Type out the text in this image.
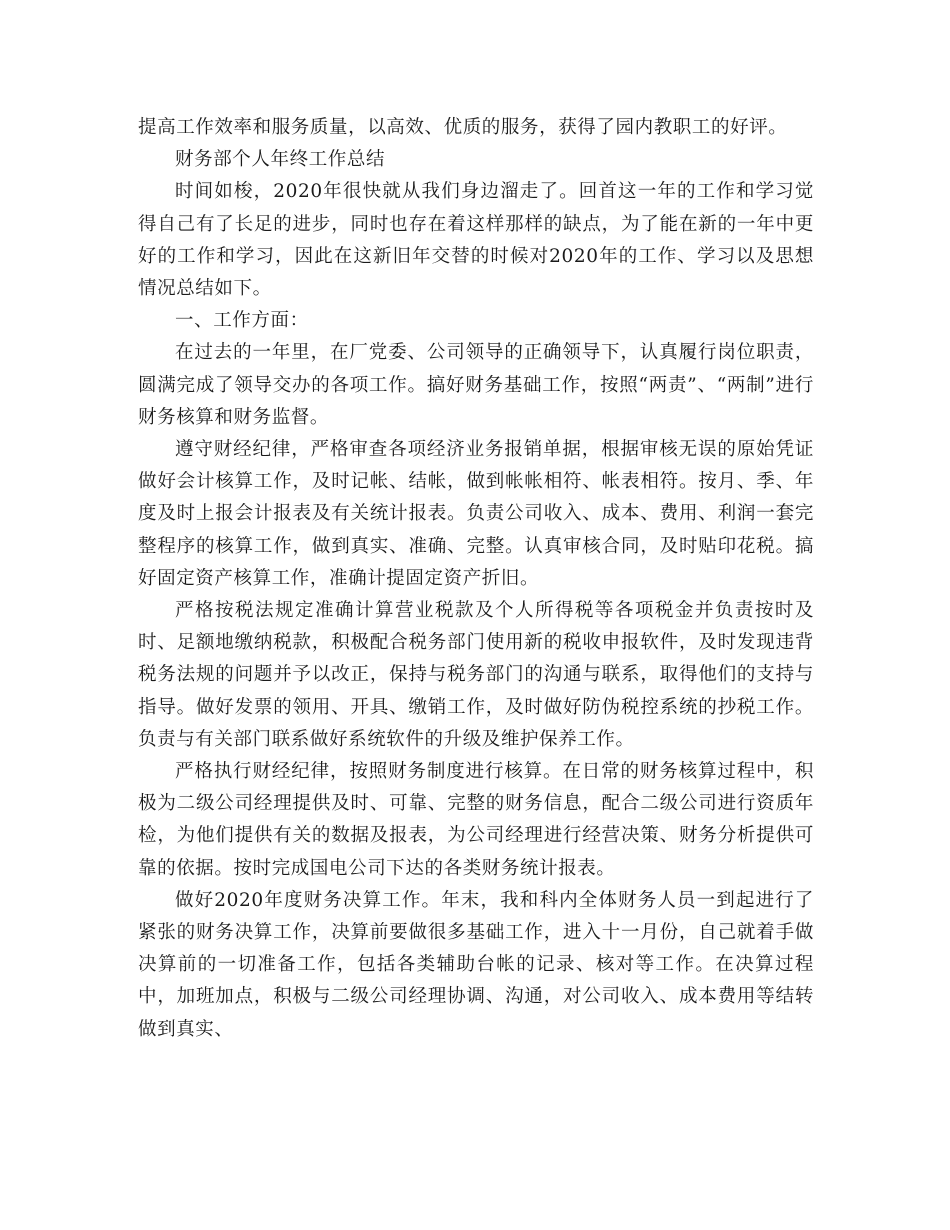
提高工作效率和服务质量，以高效、优质的服务，获得了园内教职工的好评。

财务部个人年终工作总结

时间如梭，2020年很快就从我们身边溜走了。回首这一年的工作和学习觉得自己有了长足的进步，同时也存在着这样那样的缺点，为了能在新的一年中更好的工作和学习，因此在这新旧年交替的时候对2020年的工作、学习以及思想情况总结如下。

一、工作方面：

在过去的一年里，在厂党委、公司领导的正确领导下，认真履行岗位职责，圆满完成了领导交办的各项工作。搞好财务基础工作，按照“两责”、“两制”进行财务核算和财务监督。

遵守财经纪律，严格审查各项经济业务报销单据，根据审核无误的原始凭证做好会计核算工作，及时记帐、结帐，做到帐帐相符、帐表相符。按月、季、年度及时上报会计报表及有关统计报表。负责公司收入、成本、费用、利润一套完整程序的核算工作，做到真实、准确、完整。认真审核合同，及时贴印花税。搞好固定资产核算工作，准确计提固定资产折旧。

严格按税法规定准确计算营业税款及个人所得税等各项税金并负责按时及时、足额地缴纳税款，积极配合税务部门使用新的税收申报软件，及时发现违背税务法规的问题并予以改正，保持与税务部门的沟通与联系，取得他们的支持与指导。做好发票的领用、开具、缴销工作，及时做好防伪税控系统的抄税工作。负责与有关部门联系做好系统软件的升级及维护保养工作。

严格执行财经纪律，按照财务制度进行核算。在日常的财务核算过程中，积极为二级公司经理提供及时、可靠、完整的财务信息，配合二级公司进行资质年检，为他们提供有关的数据及报表，为公司经理进行经营决策、财务分析提供可靠的依据。按时完成国电公司下达的各类财务统计报表。

做好2020年度财务决算工作。年末，我和科内全体财务人员一到起进行了紧张的财务决算工作，决算前要做很多基础工作，进入十一月份，自己就着手做决算前的一切准备工作，包括各类辅助台帐的记录、核对等工作。在决算过程中，加班加点，积极与二级公司经理协调、沟通，对公司收入、成本费用等结转做到真实、
